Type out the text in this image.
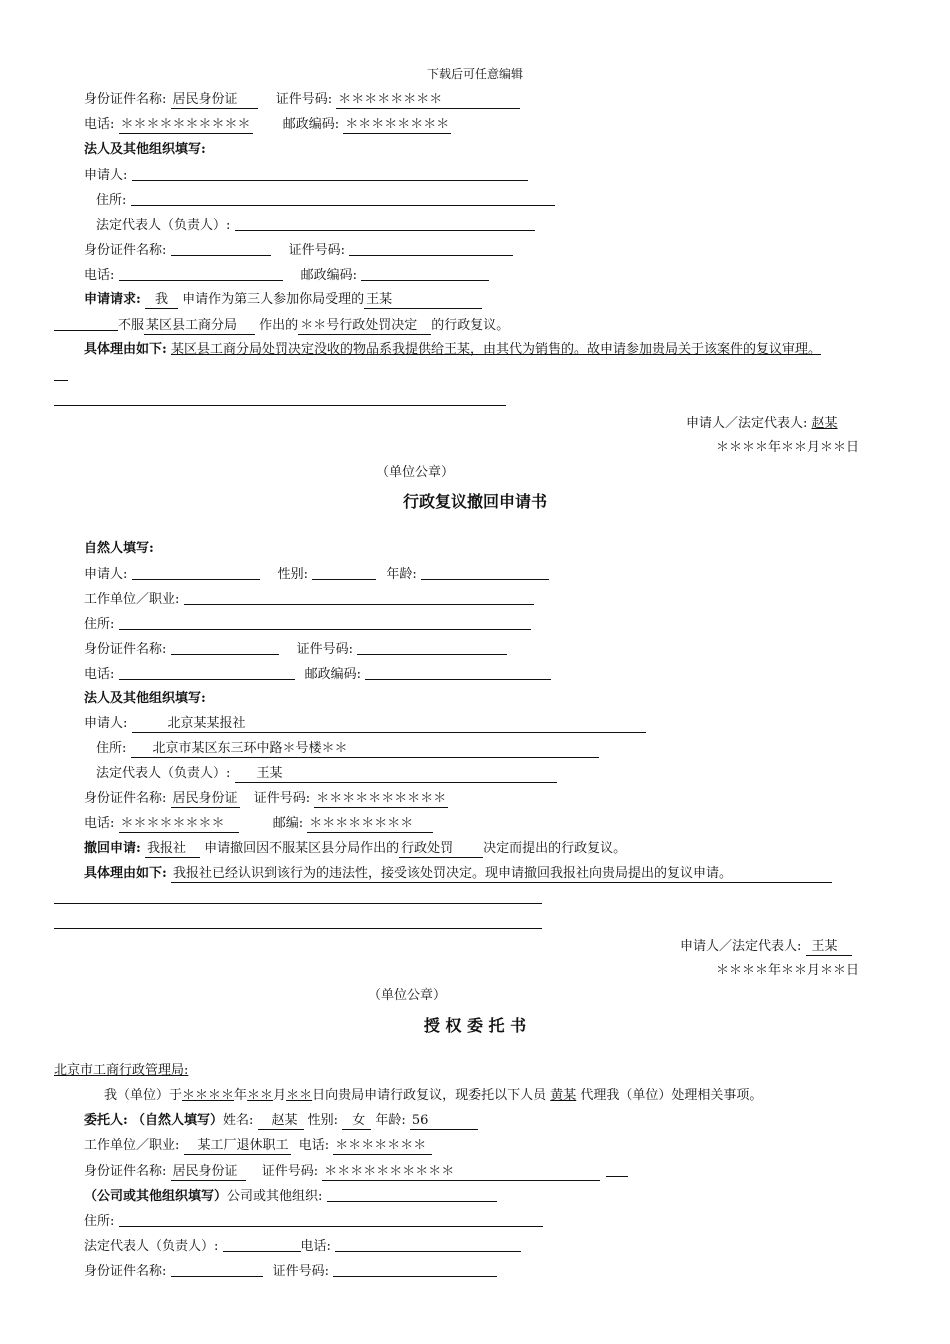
下载后可任意编辑
身份证件名称: 居民身份证	证件号码: ＊＊＊＊＊＊＊＊
电话: ＊＊＊＊＊＊＊＊＊＊ 邮政编码: ＊＊＊＊＊＊＊＊
法人及其他组织填写:
申请人:
住所:
法定代表人（负责人）:
身份证件名称:	证件号码:
电话:	邮政编码:
申请请求: 我 申请作为第三人参加你局受理的 王某
不服 某区县工商分局 作出的 ＊＊号行政处罚决定 的行政复议。
具体理由如下: 某区县工商分局处罚决定没收的物品系我提供给王某，由其代为销售的。故申请参加贵局关于该案件的复议审理。
申请人／法定代表人: 赵某
＊＊＊＊年＊＊月＊＊日
（单位公章）
行政复议撤回申请书
自然人填写:
申请人:	性别:	年龄:
工作单位／职业:
住所:
身份证件名称:	证件号码:
电话:	邮政编码:
法人及其他组织填写:
申请人:	北京某某报社
住所: 北京市某区东三环中路＊号楼＊＊
法定代表人（负责人）: 王某
身份证件名称: 居民身份证 证件号码: ＊＊＊＊＊＊＊＊＊＊
电话: ＊＊＊＊＊＊＊＊	邮编: ＊＊＊＊＊＊＊＊
撤回申请: 我报社 申请撤回因不服某区县分局作出的 行政处罚 决定而提出的行政复议。
具体理由如下: 我报社已经认识到该行为的违法性，接受该处罚决定。现申请撤回我报社向贵局提出的复议申请。
申请人／法定代表人: 王某
＊＊＊＊年＊＊月＊＊日
（单位公章）
授 权 委 托 书
北京市工商行政管理局:
我（单位）于＊＊＊＊年＊＊月＊＊日向贵局申请行政复议，现委托以下人员 黄某 代理我（单位）处理相关事项。
委托人: （自然人填写）姓名: 赵某 性别: 女 年龄: 56
工作单位／职业: 某工厂退休职工 电话: ＊＊＊＊＊＊＊
身份证件名称: 居民身份证 证件号码: ＊＊＊＊＊＊＊＊＊＊
（公司或其他组织填写）公司或其他组织:
住所:
法定代表人（负责人）:	电话:
身份证件名称:	证件号码:
